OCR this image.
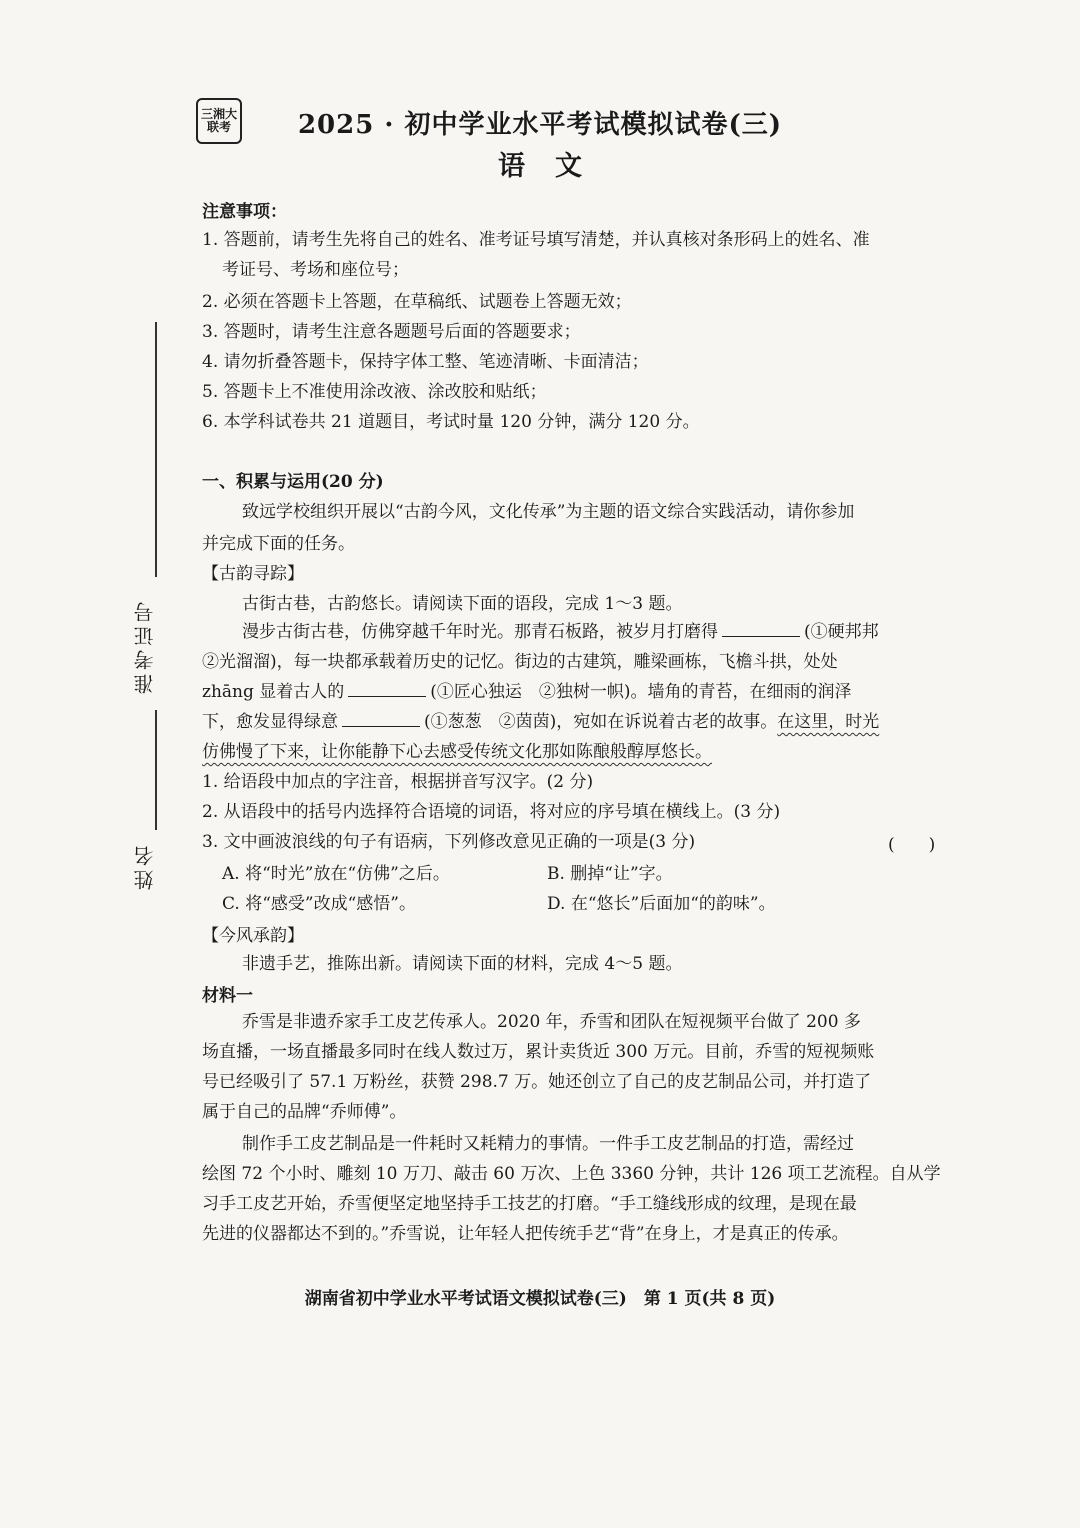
三湘大联考	2025 · 初中学业水平考试模拟试卷(三)
语文
准考证号
姓名
注意事项：
1. 答题前，请考生先将自己的姓名、准考证号填写清楚，并认真核对条形码上的姓名、准
考证号、考场和座位号；
2. 必须在答题卡上答题，在草稿纸、试题卷上答题无效；
3. 答题时，请考生注意各题题号后面的答题要求；
4. 请勿折叠答题卡，保持字体工整、笔迹清晰、卡面清洁；
5. 答题卡上不准使用涂改液、涂改胶和贴纸；
6. 本学科试卷共 21 道题目，考试时量 120 分钟，满分 120 分。
一、积累与运用(20 分)
致远学校组织开展以“古韵今风，文化传承”为主题的语文综合实践活动，请你参加
并完成下面的任务。
【古韵寻踪】
古街古巷，古韵悠长。请阅读下面的语段，完成 1～3 题。
漫步古街古巷，仿佛穿越千年时光。那青石板路，被岁月打磨得	(①硬邦邦
②光溜溜)，每一块都承载着历史的记忆。街边的古建筑，雕梁画栋，飞檐斗拱，处处
zhāng 显着古人的	(①匠心独运　②独树一帜)。墙角的青苔，在细雨的润泽
下，愈发显得绿意	(①葱葱　②茵茵)，宛如在诉说着古老的故事。在这里，时光
仿佛慢了下来，让你能静下心去感受传统文化那如陈酿般醇厚悠长。
1. 给语段中加点的字注音，根据拼音写汉字。(2 分)
2. 从语段中的括号内选择符合语境的词语，将对应的序号填在横线上。(3 分)
3. 文中画波浪线的句子有语病，下列修改意见正确的一项是(3 分)	(　　)
A. 将“时光”放在“仿佛”之后。	B. 删掉“让”字。
C. 将“感受”改成“感悟”。	D. 在“悠长”后面加“的韵味”。
【今风承韵】
非遗手艺，推陈出新。请阅读下面的材料，完成 4～5 题。
材料一
乔雪是非遗乔家手工皮艺传承人。2020 年，乔雪和团队在短视频平台做了 200 多
场直播，一场直播最多同时在线人数过万，累计卖货近 300 万元。目前，乔雪的短视频账
号已经吸引了 57.1 万粉丝，获赞 298.7 万。她还创立了自己的皮艺制品公司，并打造了
属于自己的品牌“乔师傅”。
制作手工皮艺制品是一件耗时又耗精力的事情。一件手工皮艺制品的打造，需经过
绘图 72 个小时、雕刻 10 万刀、敲击 60 万次、上色 3360 分钟，共计 126 项工艺流程。自从学
习手工皮艺开始，乔雪便坚定地坚持手工技艺的打磨。“手工缝线形成的纹理，是现在最
先进的仪器都达不到的。”乔雪说，让年轻人把传统手艺“背”在身上，才是真正的传承。
湖南省初中学业水平考试语文模拟试卷(三)　第 1 页(共 8 页)
